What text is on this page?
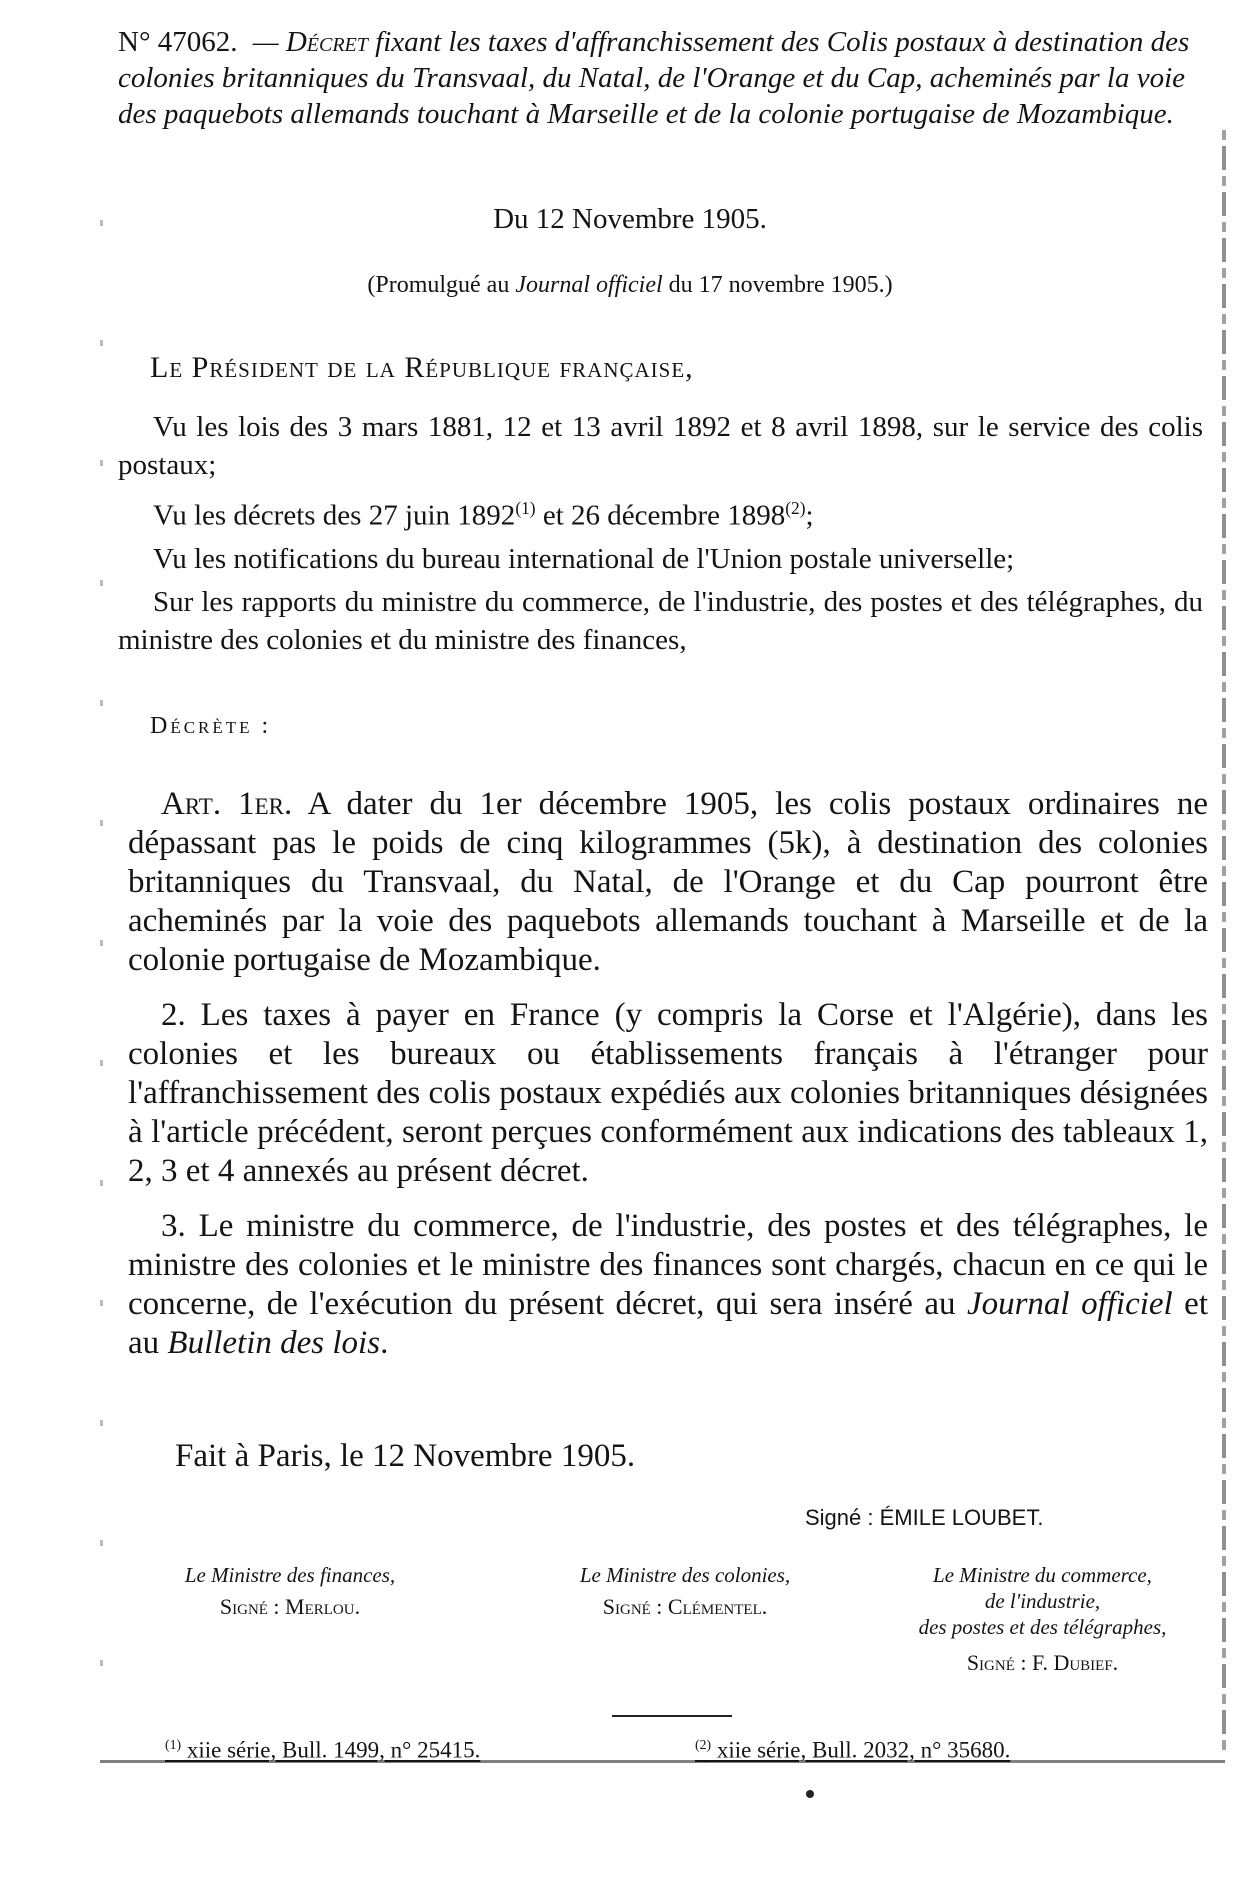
N° 47062. — Décret fixant les taxes d'affranchissement des Colis postaux à destination des colonies britanniques du Transvaal, du Natal, de l'Orange et du Cap, acheminés par la voie des paquebots allemands touchant à Marseille et de la colonie portugaise de Mozambique.
Du 12 Novembre 1905.
(Promulgué au Journal officiel du 17 novembre 1905.)
Le Président de la République française,

Vu les lois des 3 mars 1881, 12 et 13 avril 1892 et 8 avril 1898, sur le service des colis postaux;

Vu les décrets des 27 juin 1892$^{(1)}$ et 26 décembre 1898$^{(2)}$;

Vu les notifications du bureau international de l'Union postale universelle;

Sur les rapports du ministre du commerce, de l'industrie, des postes et des télégraphes, du ministre des colonies et du ministre des finances,

Décrète :

Art. 1er. A dater du 1er décembre 1905, les colis postaux ordinaires ne dépassant pas le poids de cinq kilogrammes (5k), à destination des colonies britanniques du Transvaal, du Natal, de l'Orange et du Cap pourront être acheminés par la voie des paquebots allemands touchant à Marseille et de la colonie portugaise de Mozambique.

2. Les taxes à payer en France (y compris la Corse et l'Algérie), dans les colonies et les bureaux ou établissements français à l'étranger pour l'affranchissement des colis postaux expédiés aux colonies britanniques désignées à l'article précédent, seront perçues conformément aux indications des tableaux 1, 2, 3 et 4 annexés au présent décret.

3. Le ministre du commerce, de l'industrie, des postes et des télégraphes, le ministre des colonies et le ministre des finances sont chargés, chacun en ce qui le concerne, de l'exécution du présent décret, qui sera inséré au Journal officiel et au Bulletin des lois.

Fait à Paris, le 12 Novembre 1905.
Signé : ÉMILE LOUBET.
Le Ministre des finances,
Signé : Merlou.
Le Ministre des colonies,
Signé : Clémentel.
Le Ministre du commerce,
de l'industrie,
des postes et des télégraphes,
Signé : F. Dubief.
$^{(1)}$ xiie série, Bull. 1499, n° 25415.	$^{(2)}$ xiie série, Bull. 2032, n° 35680.
